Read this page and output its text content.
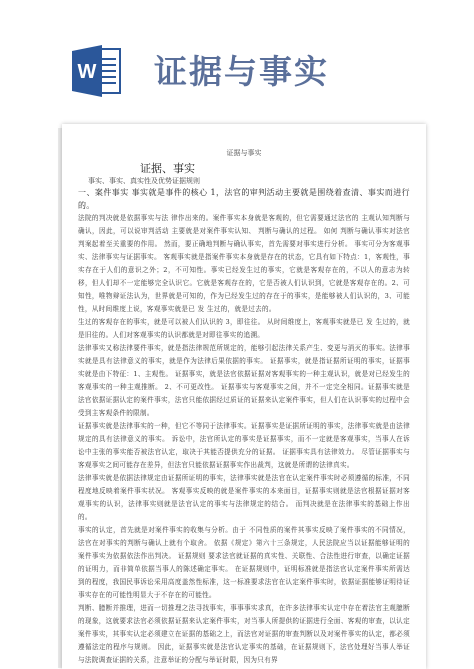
W 证据与事实
证据与事实
证据、事实
事实、事实、真实性及优势证据规则

一、案件事实 事实就是事件的核心 1，法官的审判活动主要就是围绕着查清、事实而进行的。

法院的判决就是依据事实与法 律作出来的。案件事实本身就是客观的，但它需要通过法官的 主观认知判断与确认，因此，可以说审判活动 主要就是对案件事实认知、 判断与确认的过程。 如何 判断与确认事实对法官判案起着至关重要的作用。 然而，要正确地判断与确认事实，首先需要对事实进行分析。 事实可分为客观事实、法律事实与证据事实。 客观事实就是指案件事实本身就是存在的状态，它具有如下特点：1，客观性，事实存在于人们的意识之外；2，不可知性。事实已经发生过的事实，它就是客观存在的，不以人的意志为转移，但人们却不一定能够完全认识它。它就是客观存在的，它是否被人们认识到，它就是客观存在的。2、可知性，唯物辩证法认为，世界就是可知的，作为已经发生过的存在于的事实，是能够被人们认识的，3、可能性，从时间维度上说，客观事实就是已 发 生过的，就是过去的。

生过的客观存在的事实，就是可以被人们认识的 3，即往往。 从时间维度上，客观事实就是已 发 生过的，就是旧往的。人们对客观事实的认识都就是对即往事实的追溯。

法律事实又称法律要件事实，就是指法律规范所规定的，能够引起法律关系产生、变更与消灭的事实。法律事实就是具有法律意义的事实，就是作为法律后果依据的事实。 证据事实，就是指证据所证明的事实，证据事实就是由下特征：1、主观性。 证据事实，就是法官依据证据对客观事实的一种主观认识，就是对已经发生的客观事实的一种主观推断。 2、不可更改性。 证据事实与客观事实之间，并不一定完全相同。证据事实就是法官依据证据认定的案件事实，法官只能依据经过质证的证据来认定案件事实，但人们在认识事实的过程中会受到主客观条件的限制。

证据事实就是法律事实的一种，但它不等同于法律事实。证据事实是证据所证明的事实，法律事实就是由法律规定的具有法律意义的事实。 诉讼中，法官所认定的事实是证据事实，而不一定就是客观事实，当事人在诉讼中主张的事实能否被法官认定，取决于其能否提供充分的证据。 证据事实具有法律效力。 尽管证据事实与客观事实之间可能存在差异，但法官只能依据证据事实作出裁判，这就是所谓的法律真实。

法律事实就是依据法律规定由证据所证明的事实，法律事实就是法官在认定案件事实时必须遵循的标准，不同程度地反映着案件事实状况。 客观事实反映的就是案件事实的本来面目，证据事实则就是法官根据证据对客观事实的认识，法律事实则就是法官认定的事实与法律规定的结合。 而判决就是在法律事实的基础上作出的。

事实的认定，首先就是对案件事实的收集与分析。由于 不同性质的案件其事实反映了案件事实的不同情况，法官在对事实的判断与确认上就有个取舍。 依据《规定》第六十三条规定，人民法院应当以证据能够证明的案件事实为依据依法作出判决。 证据规则 要求法官就证据的真实性、关联性、合法性进行审查，以确定证据的证明力，而非简单依据当事人的陈述确定事实。 在证据规则中，证明标准就是指法官认定案件事实所需达到的程度，我国民事诉讼采用高度盖然性标准，这一标准要求法官在认定案件事实时，依据证据能够证明待证事实存在的可能性明显大于不存在的可能性。

判断、臆断并推理，进而一切推理之法寻找事实，事事事实求真，在许多法律事实认定中存在着法官主观臆断的现象，这就要求法官必须依据证据来认定案件事实，对当事人所提供的证据进行全面、客观的审查，以认定案件事实，其事实认定必须建立在证据的基础之上，而法官对证据的审查判断以及对案件事实的认定，都必须遵循法定的程序与规则。 因此，证据事实就是法官认定事实的基础，在证据规则下，法官处理好当事人举证与法院调查证据的关系，注意举证的分配与举证时限，因为只有界
